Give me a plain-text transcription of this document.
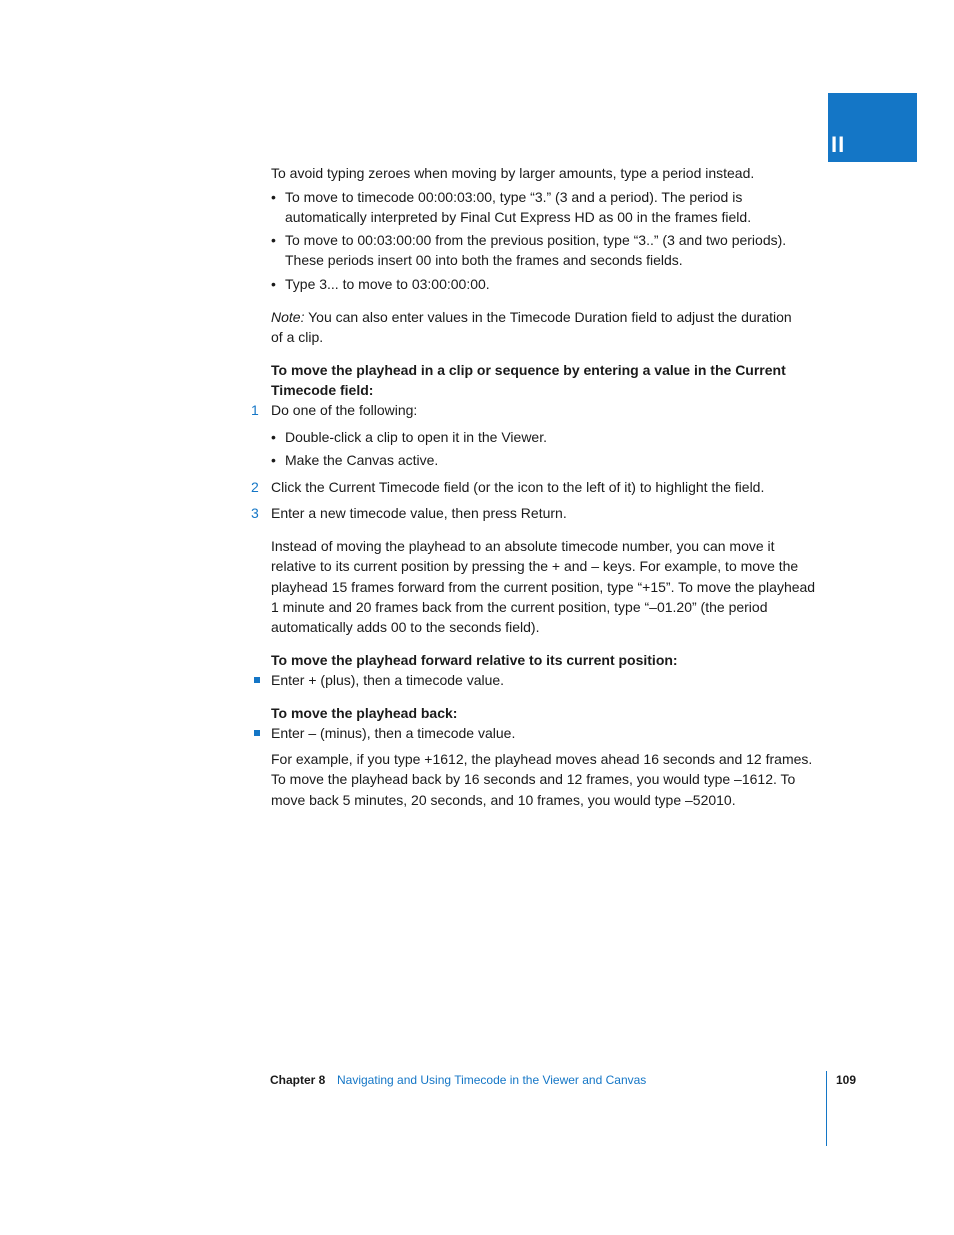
II
To avoid typing zeroes when moving by larger amounts, type a period instead.
• To move to timecode 00:00:03:00, type “3.” (3 and a period). The period is
automatically interpreted by Final Cut Express HD as 00 in the frames field.
• To move to 00:03:00:00 from the previous position, type “3..” (3 and two periods).
These periods insert 00 into both the frames and seconds fields.
• Type 3... to move to 03:00:00:00.
Note: You can also enter values in the Timecode Duration field to adjust the duration
of a clip.
To move the playhead in a clip or sequence by entering a value in the Current
Timecode field:
1 Do one of the following:
• Double-click a clip to open it in the Viewer.
• Make the Canvas active.
2 Click the Current Timecode field (or the icon to the left of it) to highlight the field.
3 Enter a new timecode value, then press Return.
Instead of moving the playhead to an absolute timecode number, you can move it
relative to its current position by pressing the + and – keys. For example, to move the
playhead 15 frames forward from the current position, type “+15”. To move the playhead
1 minute and 20 frames back from the current position, type “–01.20” (the period
automatically adds 00 to the seconds field).
To move the playhead forward relative to its current position:
Enter + (plus), then a timecode value.
To move the playhead back:
Enter – (minus), then a timecode value.
For example, if you type +1612, the playhead moves ahead 16 seconds and 12 frames.
To move the playhead back by 16 seconds and 12 frames, you would type –1612. To
move back 5 minutes, 20 seconds, and 10 frames, you would type –52010.
Chapter 8 Navigating and Using Timecode in the Viewer and Canvas	109
